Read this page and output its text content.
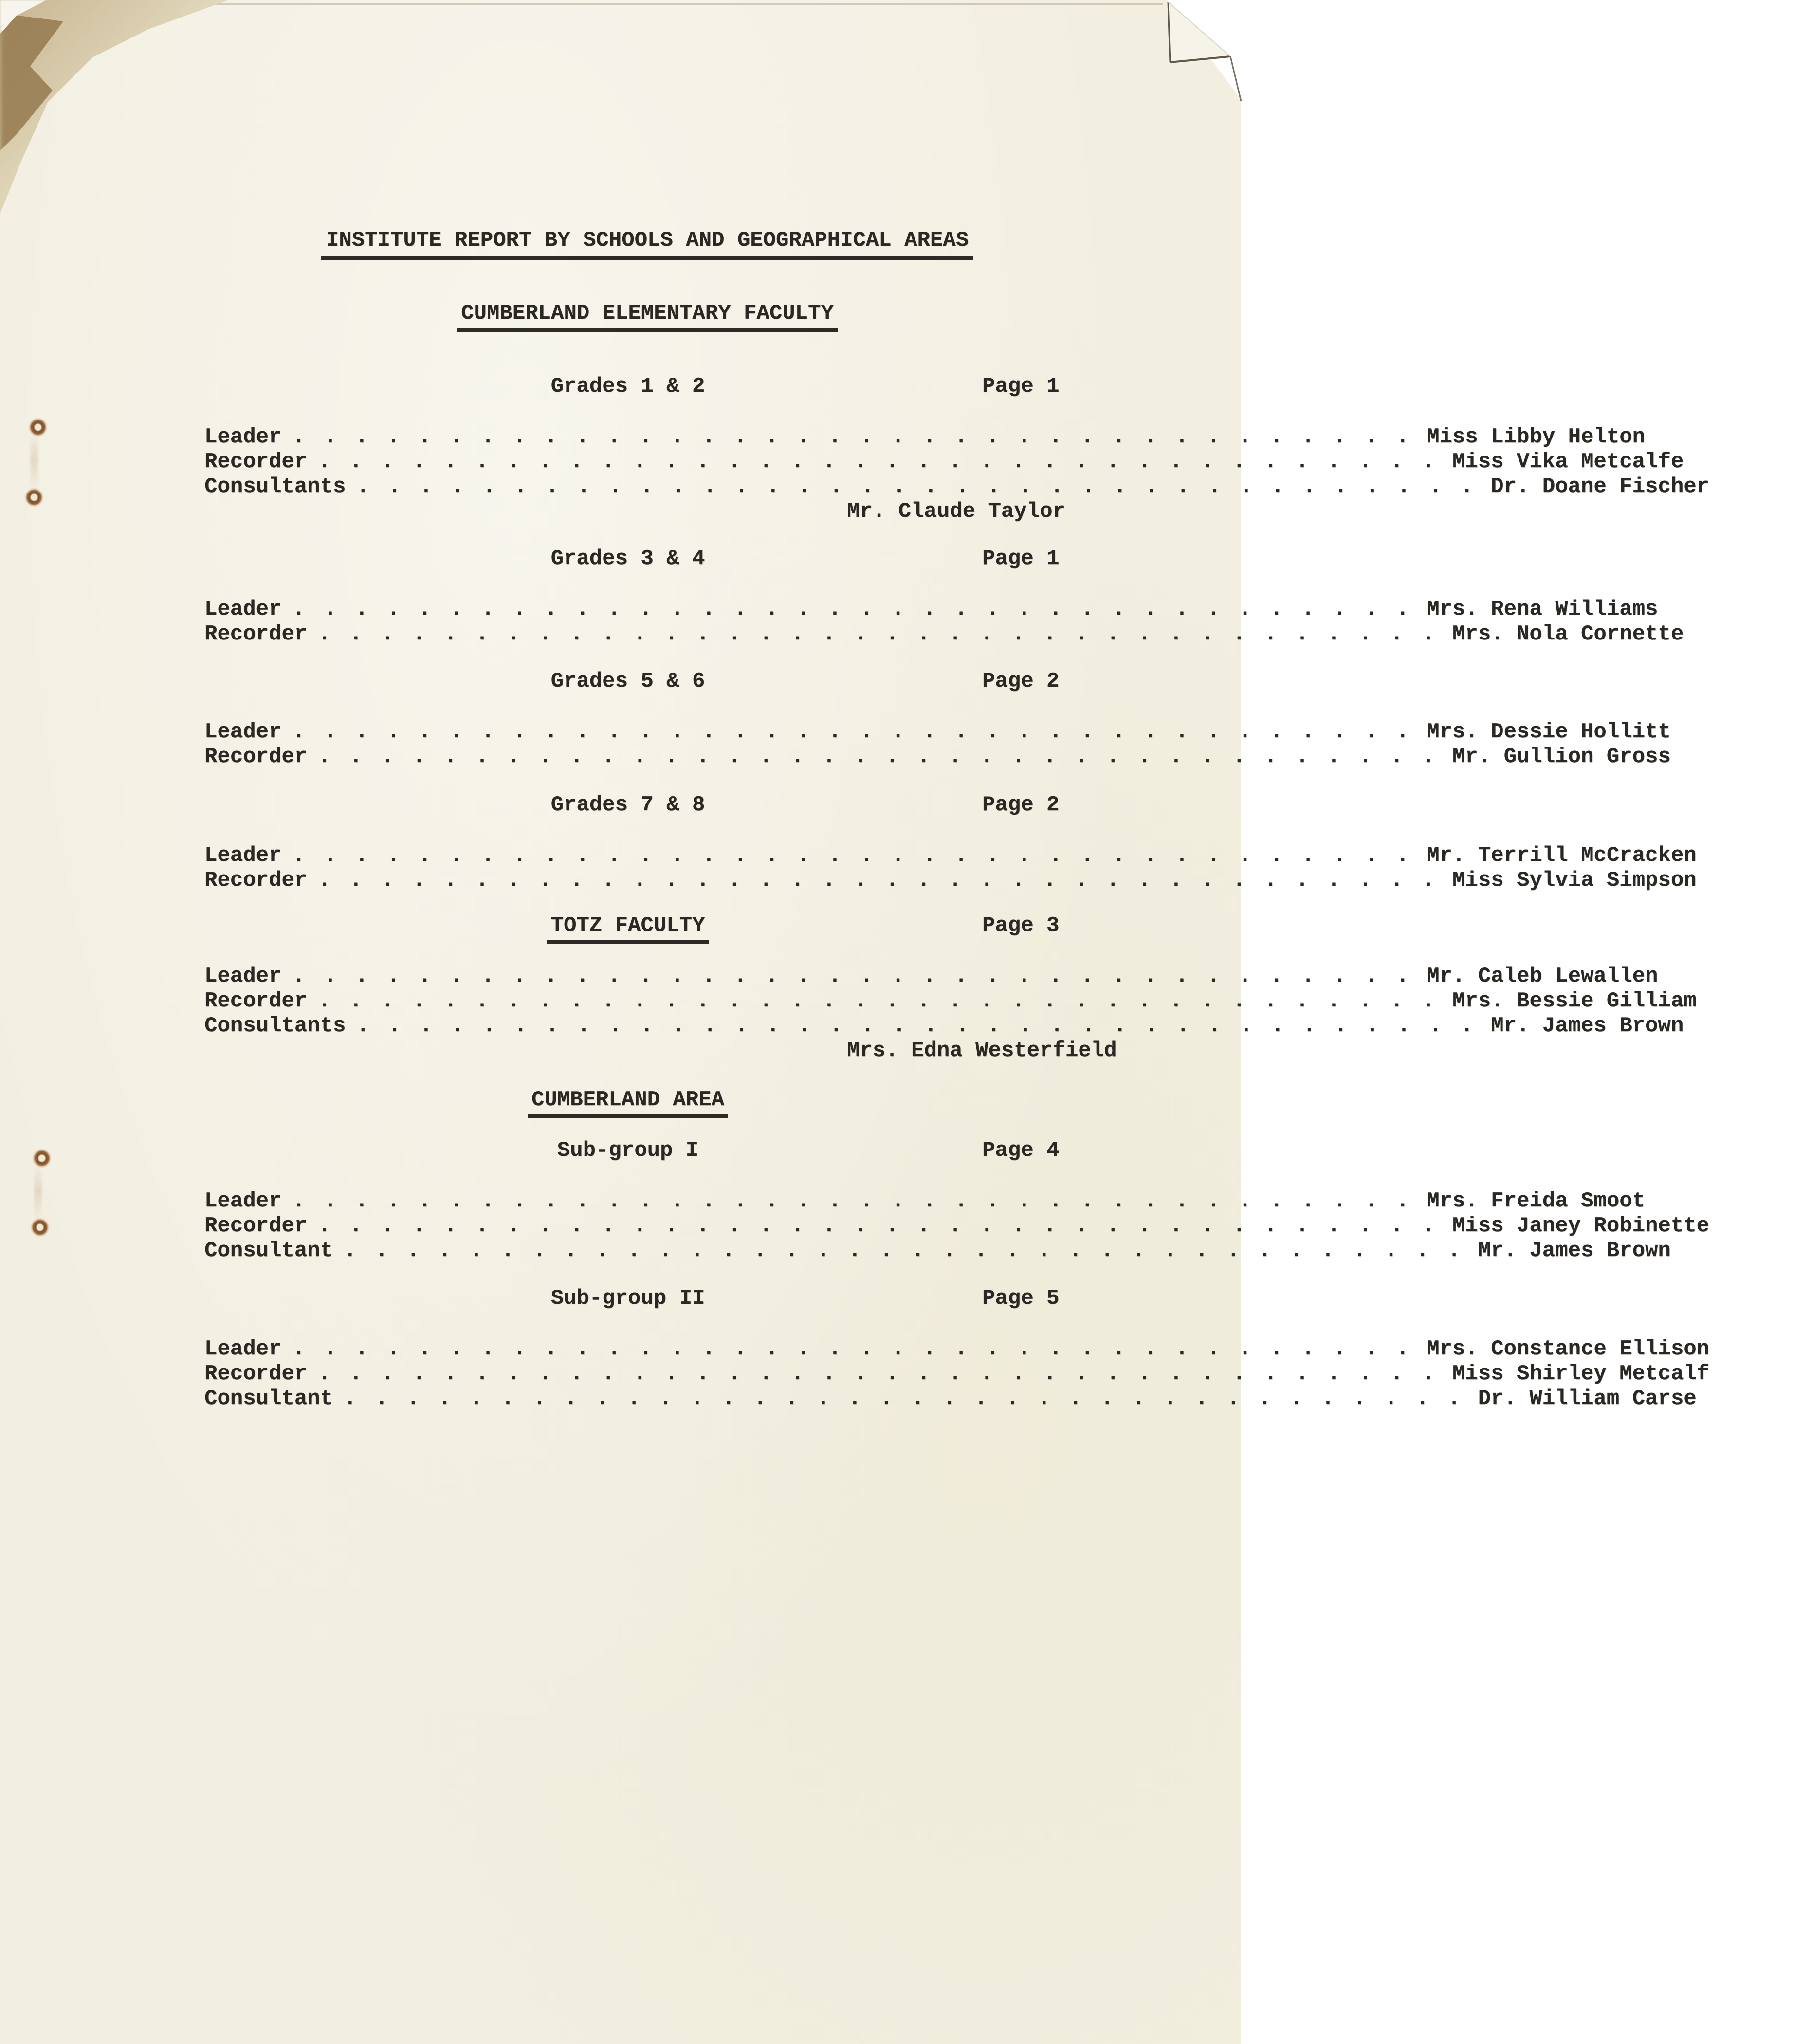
INSTITUTE REPORT BY SCHOOLS AND GEOGRAPHICAL AREAS
CUMBERLAND ELEMENTARY FACULTY
Grades 1 & 2	Page 1
Leader . . . . . . . . . . . . . . . . . . . . . . . . . . . . . . . . . . . . Miss Libby Helton
Recorder . . . . . . . . . . . . . . . . . . . . . . . . . . . . . . . . . . . . Miss Vika Metcalfe
Consultants . . . . . . . . . . . . . . . . . . . . . . . . . . . . . . . . . . . . Dr. Doane Fischer
Mr. Claude Taylor
Grades 3 & 4	Page 1
Leader . . . . . . . . . . . . . . . . . . . . . . . . . . . . . . . . . . . . Mrs. Rena Williams
Recorder . . . . . . . . . . . . . . . . . . . . . . . . . . . . . . . . . . . . Mrs. Nola Cornette
Grades 5 & 6	Page 2
Leader . . . . . . . . . . . . . . . . . . . . . . . . . . . . . . . . . . . . Mrs. Dessie Hollitt
Recorder . . . . . . . . . . . . . . . . . . . . . . . . . . . . . . . . . . . . Mr. Gullion Gross
Grades 7 & 8	Page 2
Leader . . . . . . . . . . . . . . . . . . . . . . . . . . . . . . . . . . . . Mr. Terrill McCracken
Recorder . . . . . . . . . . . . . . . . . . . . . . . . . . . . . . . . . . . . Miss Sylvia Simpson
TOTZ FACULTY	Page 3
Leader . . . . . . . . . . . . . . . . . . . . . . . . . . . . . . . . . . . . Mr. Caleb Lewallen
Recorder . . . . . . . . . . . . . . . . . . . . . . . . . . . . . . . . . . . . Mrs. Bessie Gilliam
Consultants . . . . . . . . . . . . . . . . . . . . . . . . . . . . . . . . . . . . Mr. James Brown
Mrs. Edna Westerfield
CUMBERLAND AREA
Sub-group I	Page 4
Leader . . . . . . . . . . . . . . . . . . . . . . . . . . . . . . . . . . . . Mrs. Freida Smoot
Recorder . . . . . . . . . . . . . . . . . . . . . . . . . . . . . . . . . . . . Miss Janey Robinette
Consultant . . . . . . . . . . . . . . . . . . . . . . . . . . . . . . . . . . . . Mr. James Brown
Sub-group II	Page 5
Leader . . . . . . . . . . . . . . . . . . . . . . . . . . . . . . . . . . . . Mrs. Constance Ellison
Recorder . . . . . . . . . . . . . . . . . . . . . . . . . . . . . . . . . . . . Miss Shirley Metcalf
Consultant . . . . . . . . . . . . . . . . . . . . . . . . . . . . . . . . . . . . Dr. William Carse
